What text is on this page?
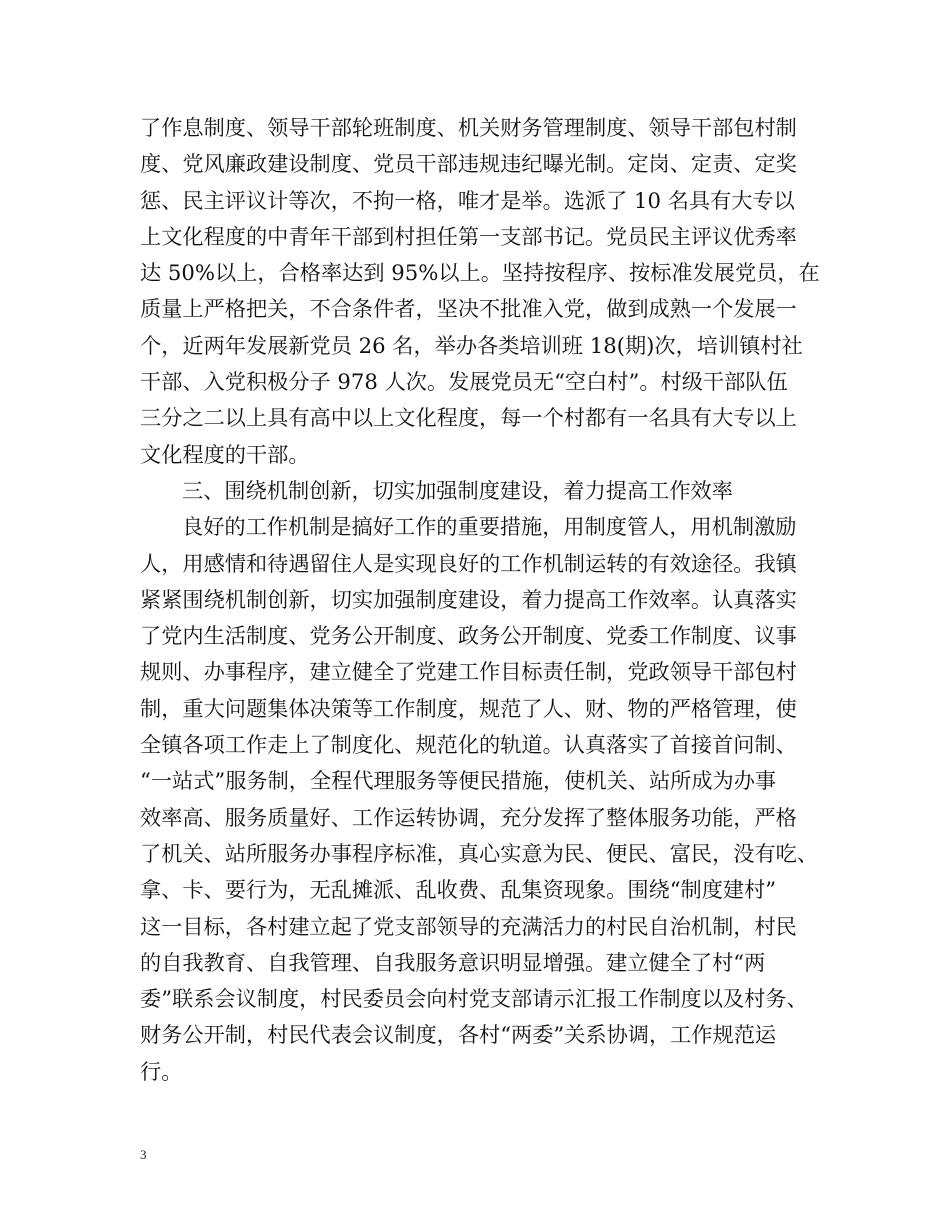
了作息制度、领导干部轮班制度、机关财务管理制度、领导干部包村制
度、党风廉政建设制度、党员干部违规违纪曝光制。定岗、定责、定奖
惩、民主评议计等次，不拘一格，唯才是举。选派了 10 名具有大专以
上文化程度的中青年干部到村担任第一支部书记。党员民主评议优秀率
达 50%以上，合格率达到 95%以上。坚持按程序、按标准发展党员，在
质量上严格把关，不合条件者，坚决不批准入党，做到成熟一个发展一
个，近两年发展新党员 26 名，举办各类培训班 18(期)次，培训镇村社
干部、入党积极分子 978 人次。发展党员无“空白村”。村级干部队伍
三分之二以上具有高中以上文化程度，每一个村都有一名具有大专以上
文化程度的干部。
三、围绕机制创新，切实加强制度建设，着力提高工作效率
良好的工作机制是搞好工作的重要措施，用制度管人，用机制激励
人，用感情和待遇留住人是实现良好的工作机制运转的有效途径。我镇
紧紧围绕机制创新，切实加强制度建设，着力提高工作效率。认真落实
了党内生活制度、党务公开制度、政务公开制度、党委工作制度、议事
规则、办事程序，建立健全了党建工作目标责任制，党政领导干部包村
制，重大问题集体决策等工作制度，规范了人、财、物的严格管理，使
全镇各项工作走上了制度化、规范化的轨道。认真落实了首接首问制、
“一站式”服务制，全程代理服务等便民措施，使机关、站所成为办事
效率高、服务质量好、工作运转协调，充分发挥了整体服务功能，严格
了机关、站所服务办事程序标准，真心实意为民、便民、富民，没有吃、
拿、卡、要行为，无乱摊派、乱收费、乱集资现象。围绕“制度建村”
这一目标，各村建立起了党支部领导的充满活力的村民自治机制，村民
的自我教育、自我管理、自我服务意识明显增强。建立健全了村“两
委”联系会议制度，村民委员会向村党支部请示汇报工作制度以及村务、
财务公开制，村民代表会议制度，各村“两委”关系协调，工作规范运
行。
3
